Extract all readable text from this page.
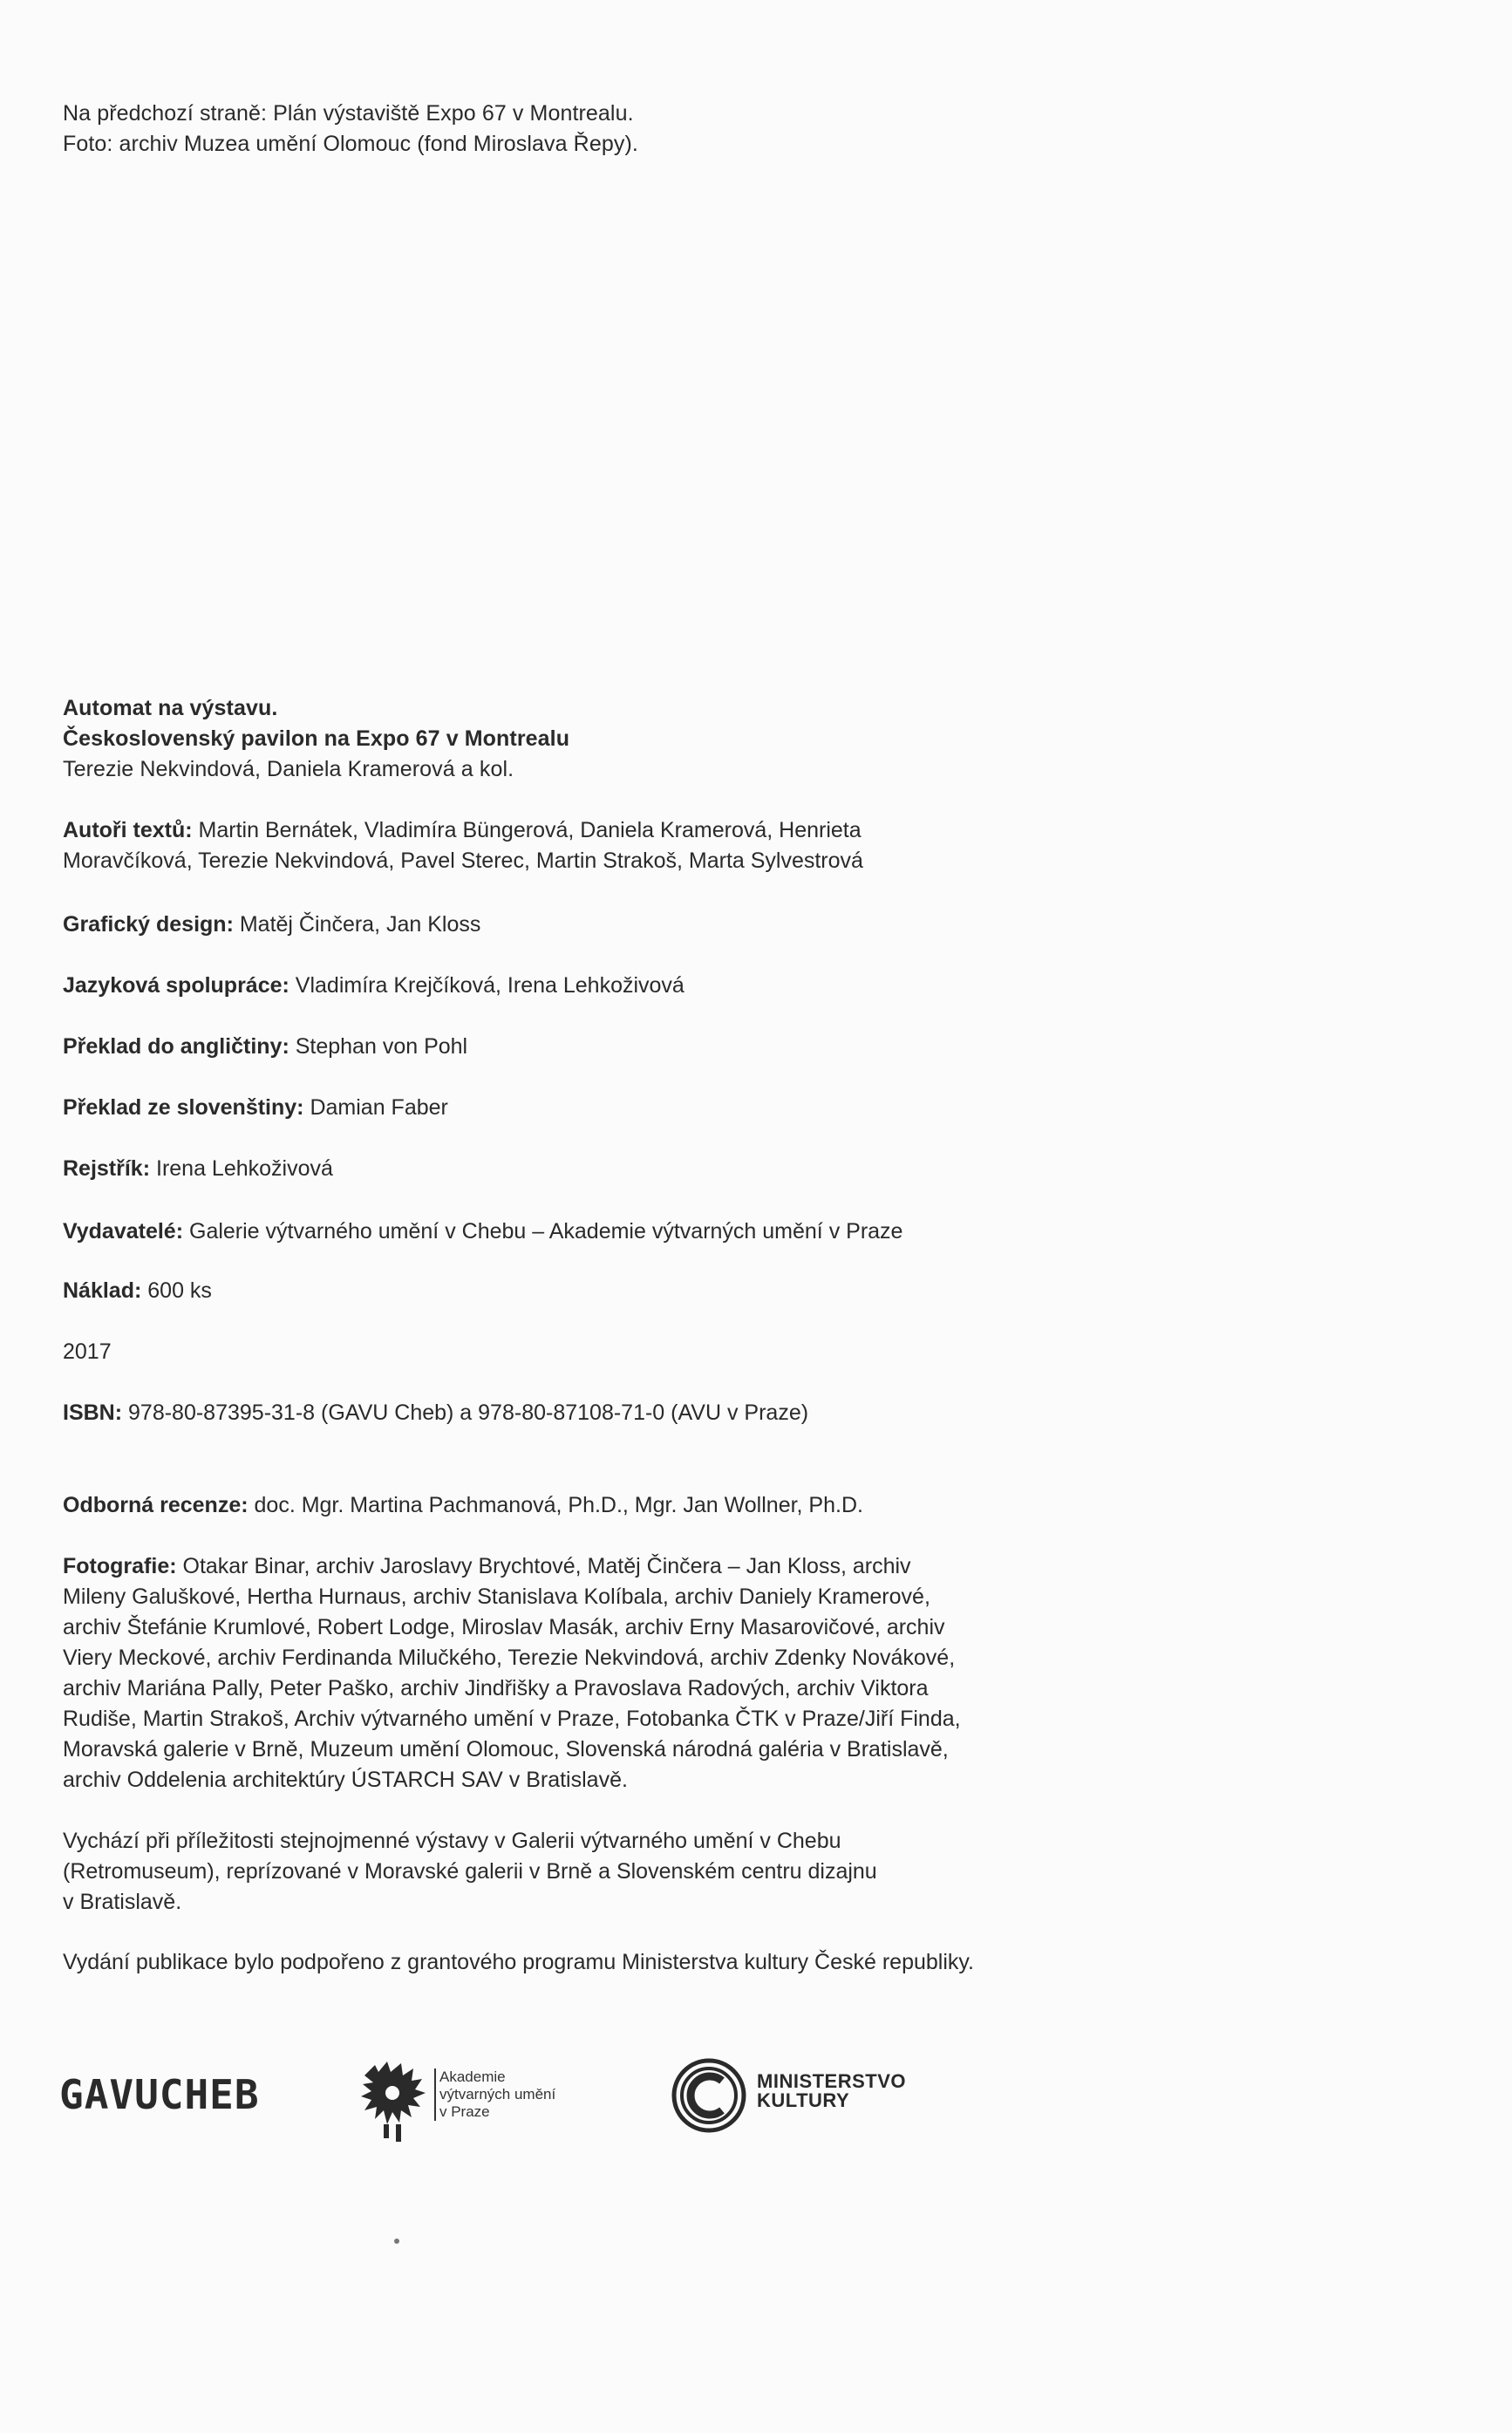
Na předchozí straně: Plán výstaviště Expo 67 v Montrealu.
Foto: archiv Muzea umění Olomouc (fond Miroslava Řepy).
Automat na výstavu.
Československý pavilon na Expo 67 v Montrealu
Terezie Nekvindová, Daniela Kramerová a kol.
Autoři textů: Martin Bernátek, Vladimíra Büngerová, Daniela Kramerová, Henrieta
Moravčíková, Terezie Nekvindová, Pavel Sterec, Martin Strakoš, Marta Sylvestrová
Grafický design: Matěj Činčera, Jan Kloss
Jazyková spolupráce: Vladimíra Krejčíková, Irena Lehkoživová
Překlad do angličtiny: Stephan von Pohl
Překlad ze slovenštiny: Damian Faber
Rejstřík: Irena Lehkoživová
Vydavatelé: Galerie výtvarného umění v Chebu – Akademie výtvarných umění v Praze
Náklad: 600 ks
2017
ISBN: 978-80-87395-31-8 (GAVU Cheb) a 978-80-87108-71-0 (AVU v Praze)
Odborná recenze: doc. Mgr. Martina Pachmanová, Ph.D., Mgr. Jan Wollner, Ph.D.
Fotografie: Otakar Binar, archiv Jaroslavy Brychtové, Matěj Činčera – Jan Kloss, archiv
Mileny Galuškové, Hertha Hurnaus, archiv Stanislava Kolíbala, archiv Daniely Kramerové,
archiv Štefánie Krumlové, Robert Lodge, Miroslav Masák, archiv Erny Masarovičové, archiv
Viery Meckové, archiv Ferdinanda Milučkého, Terezie Nekvindová, archiv Zdenky Novákové,
archiv Mariána Pally, Peter Paško, archiv Jindřišky a Pravoslava Radových, archiv Viktora
Rudiše, Martin Strakoš, Archiv výtvarného umění v Praze, Fotobanka ČTK v Praze/Jiří Finda,
Moravská galerie v Brně, Muzeum umění Olomouc, Slovenská národná galéria v Bratislavě,
archiv Oddelenia architektúry ÚSTARCH SAV v Bratislavě.
Vychází při příležitosti stejnojmenné výstavy v Galerii výtvarného umění v Chebu
(Retromuseum), reprízované v Moravské galerii v Brně a Slovenském centru dizajnu
v Bratislavě.
Vydání publikace bylo podpořeno z grantového programu Ministerstva kultury České republiky.
GAVUCHEB	Akademie
výtvarných umění
v Praze
MINISTERSTVO
KULTURY
